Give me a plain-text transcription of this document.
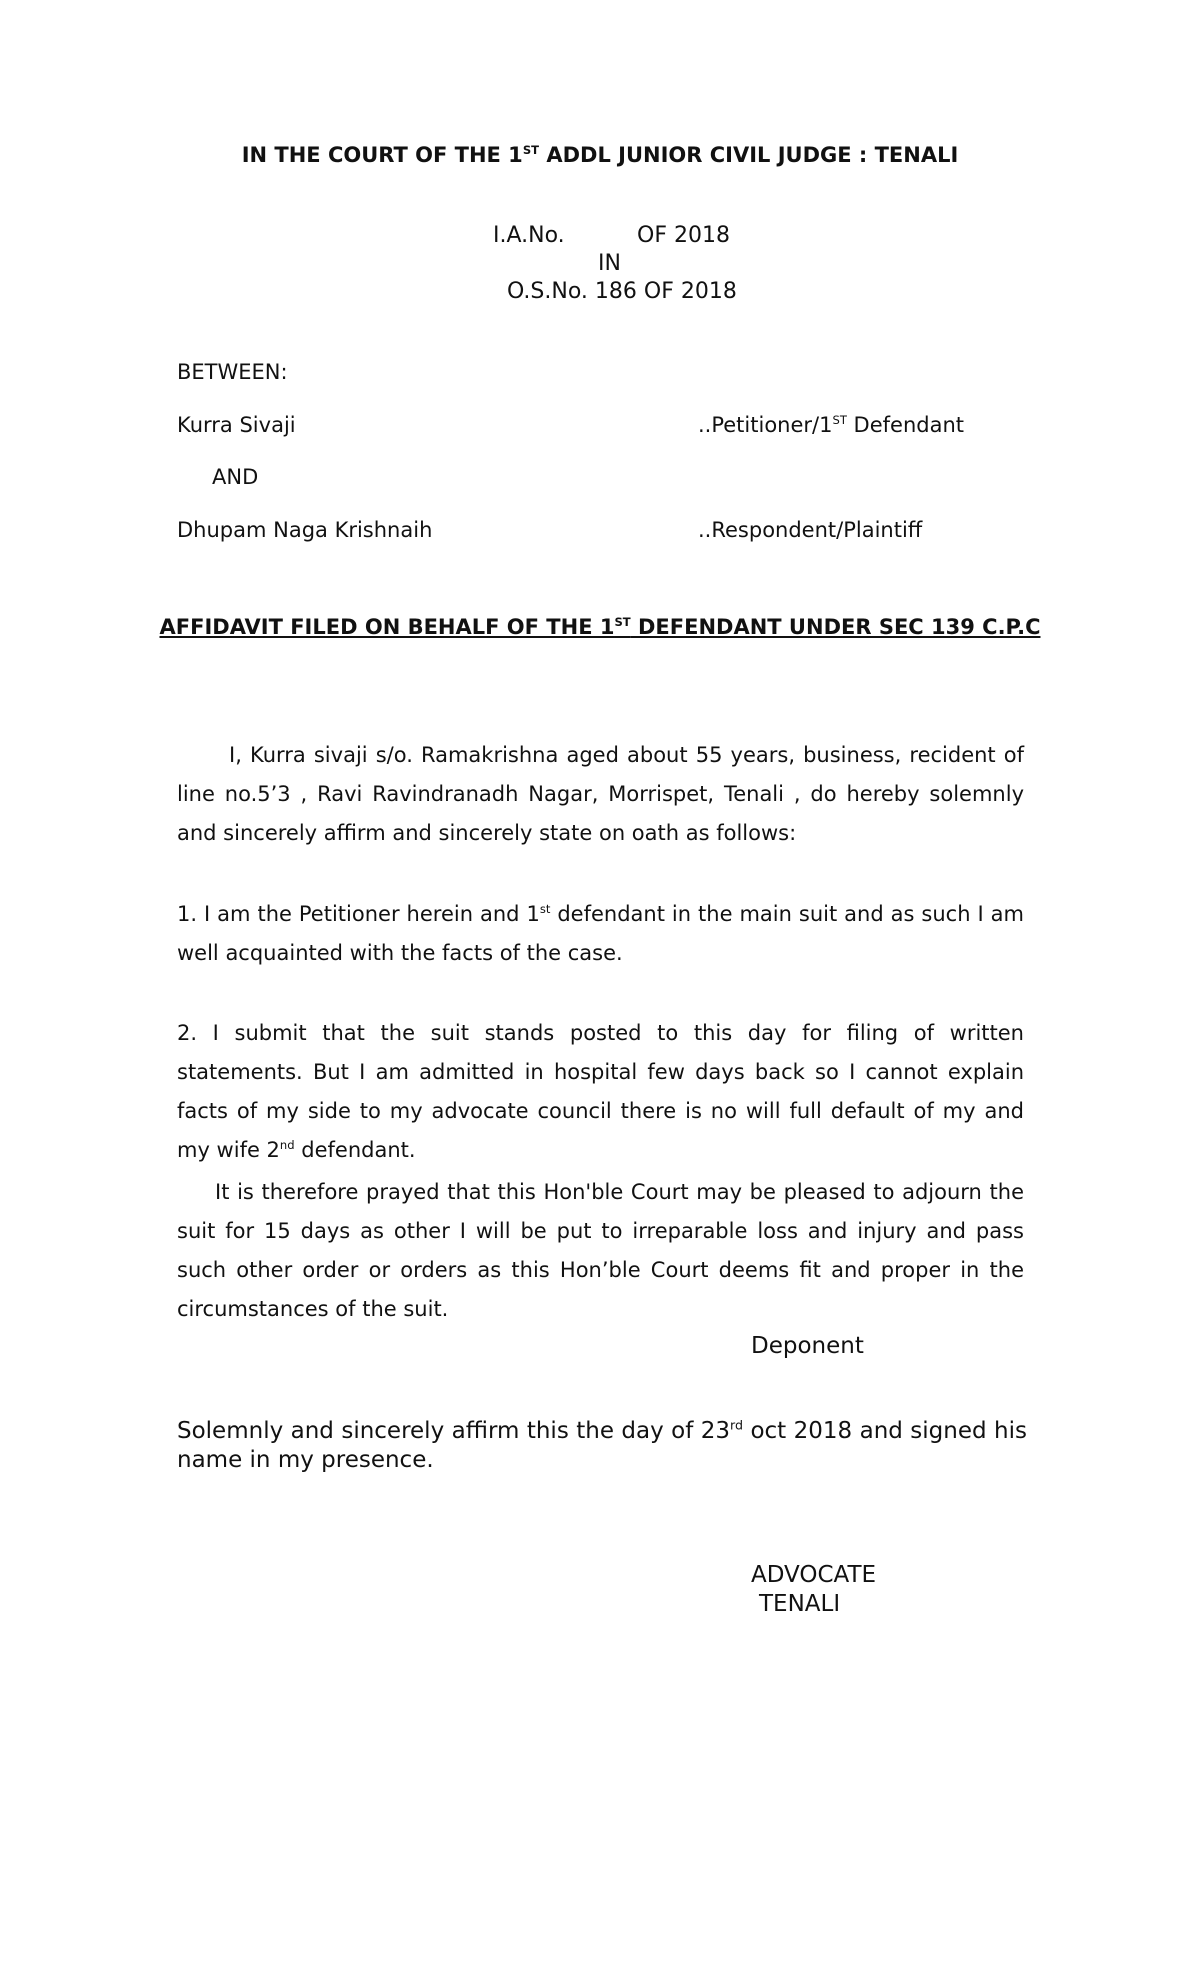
IN THE COURT OF THE 1ST ADDL JUNIOR CIVIL JUDGE : TENALI
I.A.No.	OF 2018
IN
O.S.No. 186 OF 2018
BETWEEN:
Kurra Sivaji	..Petitioner/1ST Defendant
AND
Dhupam Naga Krishnaih	..Respondent/Plaintiff
AFFIDAVIT FILED ON BEHALF OF THE 1ST DEFENDANT UNDER SEC 139 C.P.C
I, Kurra sivaji s/o. Ramakrishna aged about 55 years, business, recident of line no.5’3 , Ravi Ravindranadh Nagar, Morrispet, Tenali , do hereby solemnly and sincerely affirm and sincerely state on oath as follows:
1. I am the Petitioner herein and 1st defendant in the main suit and as such I am well acquainted with the facts of the case.
2. I submit that the suit stands posted to this day for filing of written statements. But I am admitted in hospital few days back so I cannot explain facts of my side to my advocate council there is no will full default of my and my wife 2nd defendant.
It is therefore prayed that this Hon'ble Court may be pleased to adjourn the suit for 15 days as other I will be put to irreparable loss and injury and pass such other order or orders as this Hon’ble Court deems fit and proper in the circumstances of the suit.
Deponent
Solemnly and sincerely affirm this the day of 23rd oct 2018 and signed his name in my presence.
ADVOCATE
TENALI
